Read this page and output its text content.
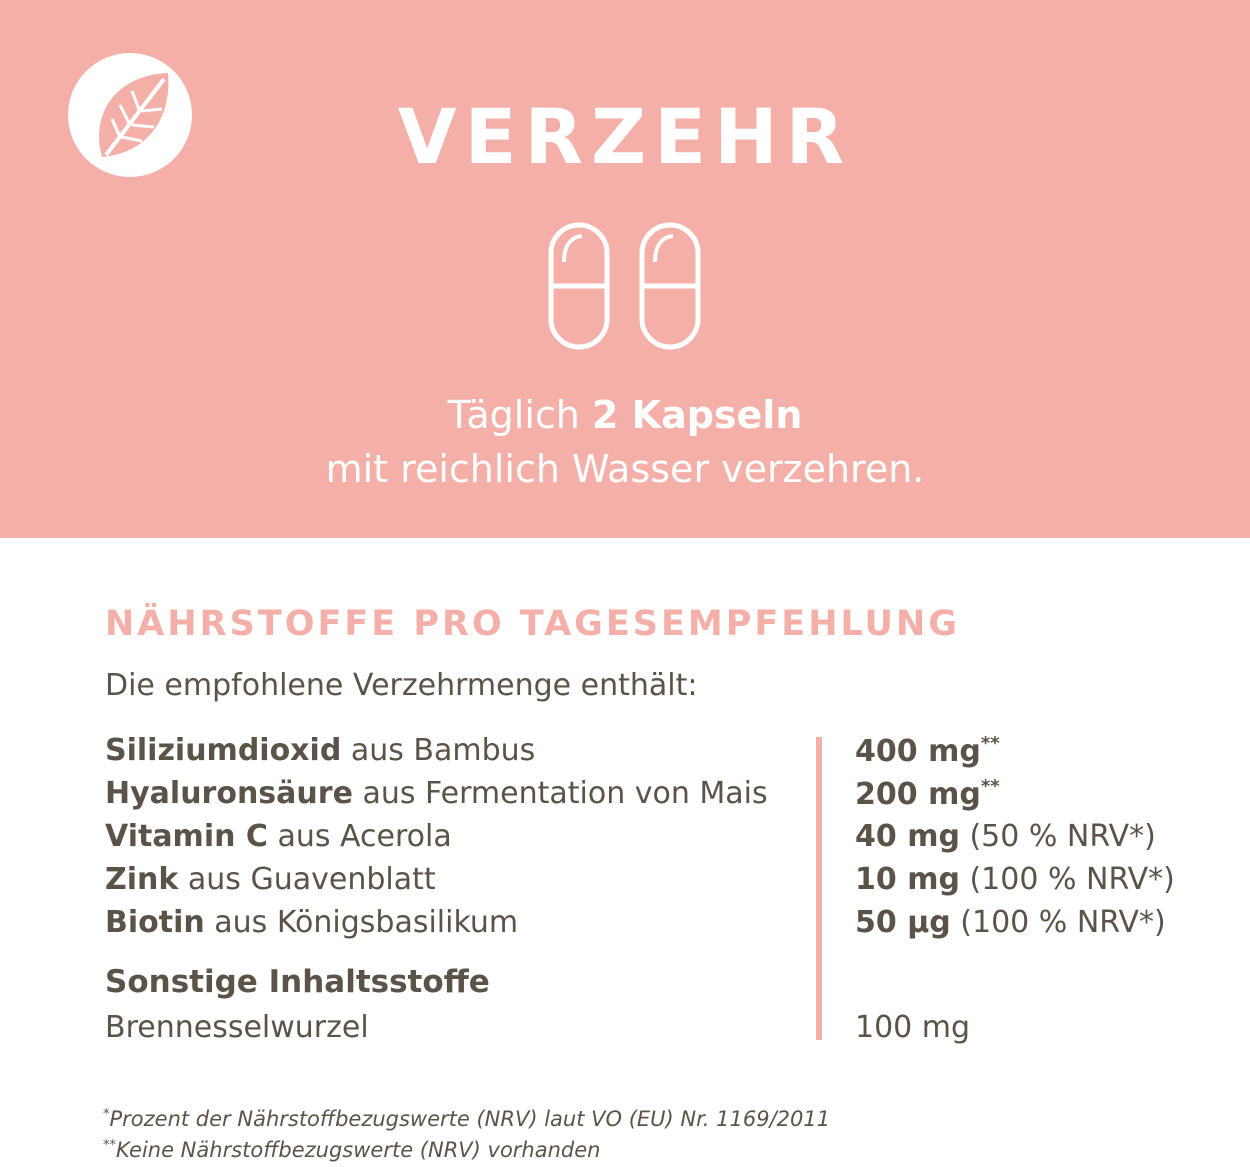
VERZEHR
Täglich 2 Kapseln
mit reichlich Wasser verzehren.
NÄHRSTOFFE PRO TAGESEMPFEHLUNG
Die empfohlene Verzehrmenge enthält:
Siliziumdioxid aus Bambus	400 mg**
Hyaluronsäure aus Fermentation von Mais	200 mg**
Vitamin C aus Acerola	40 mg (50 % NRV*)
Zink aus Guavenblatt	10 mg (100 % NRV*)
Biotin aus Königsbasilikum	50 µg (100 % NRV*)
Sonstige Inhaltsstoffe
Brennesselwurzel	100 mg
*Prozent der Nährstoffbezugswerte (NRV) laut VO (EU) Nr. 1169/2011
**Keine Nährstoffbezugswerte (NRV) vorhanden
